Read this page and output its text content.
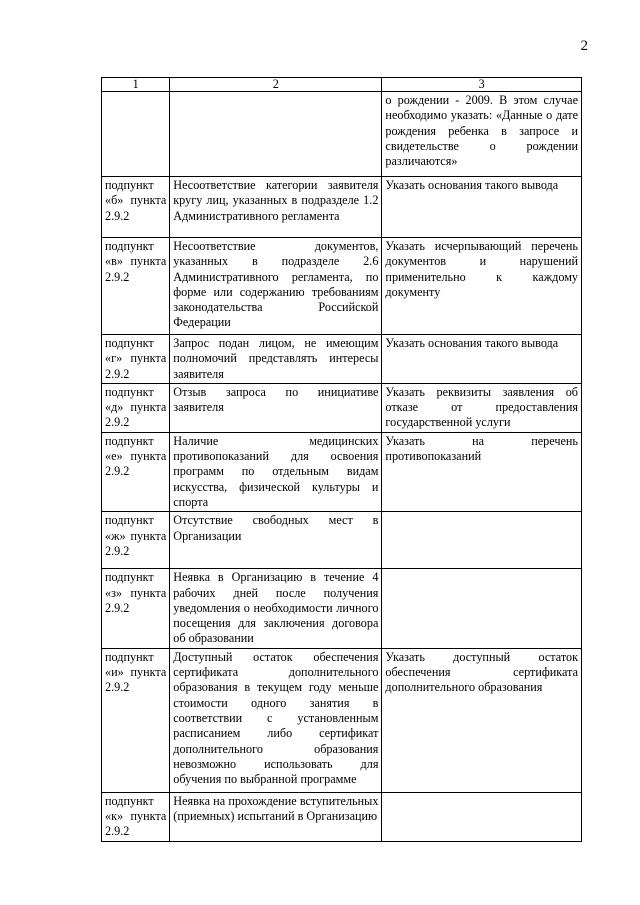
2
1	2	3
		о рождении - 2009. В этом случае необходимо указать: «Данные о дате рождения ребенка в запросе и свидетельстве о рождении различаются»
подпункт «б» пункта 2.9.2	Несоответствие категории заявителя кругу лиц, указанных в подразделе 1.2 Административного регламента	Указать основания такого вывода
подпункт «в» пункта 2.9.2	Несоответствие документов, указанных в подразделе 2.6 Административного регламента, по форме или содержанию требованиям законодательства Российской Федерации	Указать исчерпывающий перечень документов и нарушений применительно к каждому документу
подпункт «г» пункта 2.9.2	Запрос подан лицом, не имеющим полномочий представлять интересы заявителя	Указать основания такого вывода
подпункт «д» пункта 2.9.2	Отзыв запроса по инициативе заявителя	Указать реквизиты заявления об отказе от предоставления государственной услуги
подпункт «е» пункта 2.9.2	Наличие медицинских противопоказаний для освоения программ по отдельным видам искусства, физической культуры и спорта	Указать на перечень противопоказаний
подпункт «ж» пункта 2.9.2	Отсутствие свободных мест в Организации	
подпункт «з» пункта 2.9.2	Неявка в Организацию в течение 4 рабочих дней после получения уведомления о необходимости личного посещения для заключения договора об образовании	
подпункт «и» пункта 2.9.2	Доступный остаток обеспечения сертификата дополнительного образования в текущем году меньше стоимости одного занятия в соответствии с установленным расписанием либо сертификат дополнительного образования невозможно использовать для обучения по выбранной программе	Указать доступный остаток обеспечения сертификата дополнительного образования
подпункт «к» пункта 2.9.2	Неявка на прохождение вступительных (приемных) испытаний в Организацию	
